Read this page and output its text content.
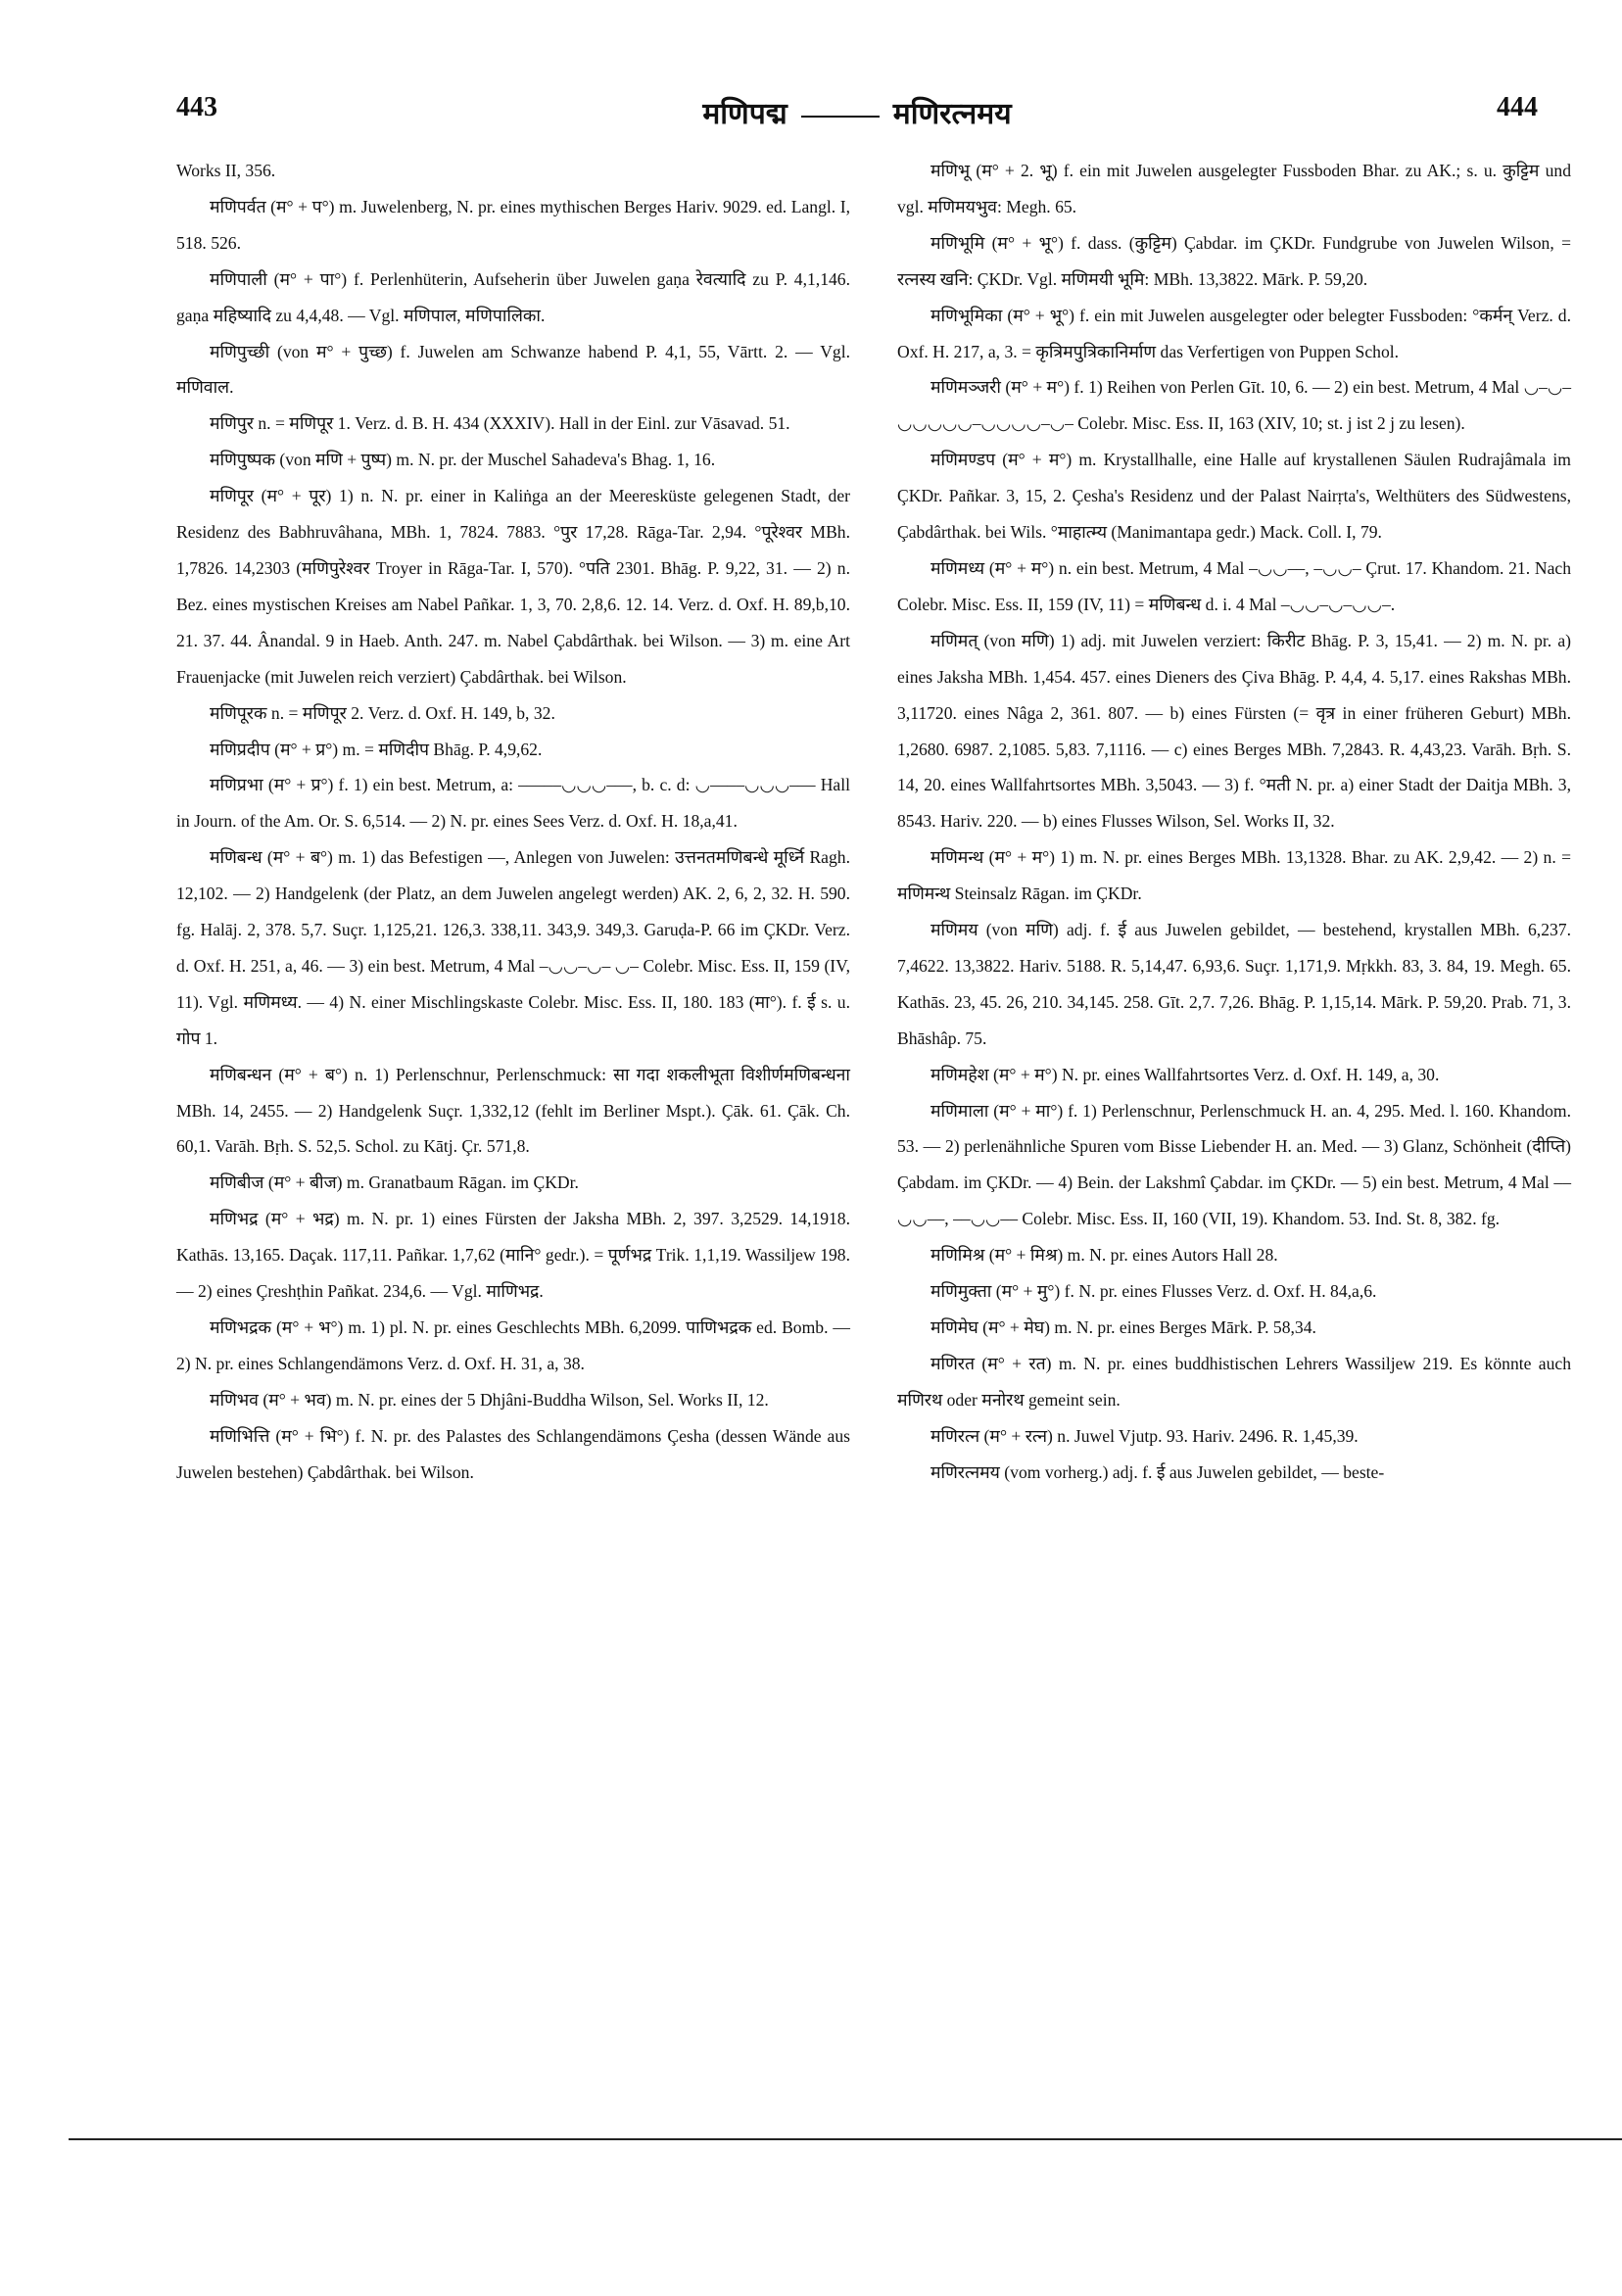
443	मणिपद्म	मणिरत्नमय	444

Works II, 356.

मणिपर्वत (म° + प°) m. Juwelenberg, N. pr. eines mythischen Berges Hariv. 9029. ed. Langl. I, 518. 526.

मणिपाली (म° + पा°) f. Perlenhüterin, Aufseherin über Juwelen gaṇa रेवत्यादि zu P. 4,1,146. gaṇa महिष्यादि zu 4,4,48. — Vgl. मणिपाल, मणिपालिका.

मणिपुच्छी (von म° + पुच्छ) f. Juwelen am Schwanze habend P. 4,1, 55, Vārtt. 2. — Vgl. मणिवाल.

मणिपुर n. = मणिपूर 1. Verz. d. B. H. 434 (XXXIV). Hall in der Einl. zur Vāsavad. 51.

मणिपुष्पक (von मणि + पुष्प) m. N. pr. der Muschel Sahadeva's Bhag. 1, 16.

मणिपूर (म° + पूर) 1) n. N. pr. einer in Kaliṅga an der Meeresküste gelegenen Stadt, der Residenz des Babhruvâhana, MBh. 1, 7824. 7883. °पुर 17,28. Rāga-Tar. 2,94. °पूरेश्वर MBh. 1,7826. 14,2303 (मणिपुरेश्वर Troyer in Rāga-Tar. I, 570). °पति 2301. Bhāg. P. 9,22, 31. — 2) n. Bez. eines mystischen Kreises am Nabel Pañkar. 1, 3, 70. 2,8,6. 12. 14. Verz. d. Oxf. H. 89,b,10. 21. 37. 44. Ânandal. 9 in Haeb. Anth. 247. m. Nabel Çabdârthak. bei Wilson. — 3) m. eine Art Frauenjacke (mit Juwelen reich verziert) Çabdârthak. bei Wilson.

मणिपूरक n. = मणिपूर 2. Verz. d. Oxf. H. 149, b, 32.

मणिप्रदीप (म° + प्र°) m. = मणिदीप Bhāg. P. 4,9,62.

मणिप्रभा (म° + प्र°) f. 1) ein best. Metrum, a: ‒‒‒‒‒◡◡◡‒‒‒, b. c. d: ◡‒‒‒‒◡◡◡‒‒‒ Hall in Journ. of the Am. Or. S. 6,514. — 2) N. pr. eines Sees Verz. d. Oxf. H. 18,a,41.

मणिबन्ध (म° + ब°) m. 1) das Befestigen —, Anlegen von Juwelen: उत्तनतमणिबन्धे मूर्ध्नि Ragh. 12,102. — 2) Handgelenk (der Platz, an dem Juwelen angelegt werden) AK. 2, 6, 2, 32. H. 590. fg. Halāj. 2, 378. 5,7. Suçr. 1,125,21. 126,3. 338,11. 343,9. 349,3. Garuḍa-P. 66 im ÇKDr. Verz. d. Oxf. H. 251, a, 46. — 3) ein best. Metrum, 4 Mal ‒◡◡‒◡‒ ◡‒ Colebr. Misc. Ess. II, 159 (IV, 11). Vgl. मणिमध्य. — 4) N. einer Mischlingskaste Colebr. Misc. Ess. II, 180. 183 (मा°). f. ई s. u. गोप 1.

मणिबन्धन (म° + ब°) n. 1) Perlenschnur, Perlenschmuck: सा गदा शकलीभूता विशीर्णमणिबन्धना MBh. 14, 2455. — 2) Handgelenk Suçr. 1,332,12 (fehlt im Berliner Mspt.). Çāk. 61. Çāk. Ch. 60,1. Varāh. Bṛh. S. 52,5. Schol. zu Kātj. Çr. 571,8.

मणिबीज (म° + बीज) m. Granatbaum Rāgan. im ÇKDr.

मणिभद्र (म° + भद्र) m. N. pr. 1) eines Fürsten der Jaksha MBh. 2, 397. 3,2529. 14,1918. Kathās. 13,165. Daçak. 117,11. Pañkar. 1,7,62 (मानि° gedr.). = पूर्णभद्र Trik. 1,1,19. Wassiljew 198. — 2) eines Çreshṭhin Pañkat. 234,6. — Vgl. माणिभद्र.

मणिभद्रक (म° + भ°) m. 1) pl. N. pr. eines Geschlechts MBh. 6,2099. पाणिभद्रक ed. Bomb. — 2) N. pr. eines Schlangendämons Verz. d. Oxf. H. 31, a, 38.

मणिभव (म° + भव) m. N. pr. eines der 5 Dhjâni-Buddha Wilson, Sel. Works II, 12.

मणिभित्ति (म° + भि°) f. N. pr. des Palastes des Schlangendämons Çesha (dessen Wände aus Juwelen bestehen) Çabdârthak. bei Wilson.

मणिभू (म° + 2. भू) f. ein mit Juwelen ausgelegter Fussboden Bhar. zu AK.; s. u. कुट्टिम und vgl. मणिमयभुव: Megh. 65.

मणिभूमि (म° + भू°) f. dass. (कुट्टिम) Çabdar. im ÇKDr. Fundgrube von Juwelen Wilson, = रत्नस्य खनि: ÇKDr. Vgl. मणिमयी भूमि: MBh. 13,3822. Mārk. P. 59,20.

मणिभूमिका (म° + भू°) f. ein mit Juwelen ausgelegter oder belegter Fussboden: °कर्मन् Verz. d. Oxf. H. 217, a, 3. = कृत्रिमपुत्रिकानिर्माण das Verfertigen von Puppen Schol.

मणिमञ्जरी (म° + म°) f. 1) Reihen von Perlen Gīt. 10, 6. — 2) ein best. Metrum, 4 Mal ◡‒◡‒◡◡◡◡◡‒◡◡◡◡‒◡‒ Colebr. Misc. Ess. II, 163 (XIV, 10; st. j ist 2 j zu lesen).

मणिमण्डप (म° + म°) m. Krystallhalle, eine Halle auf krystallenen Säulen Rudrajâmala im ÇKDr. Pañkar. 3, 15, 2. Çesha's Residenz und der Palast Nairṛta's, Welthüters des Südwestens, Çabdârthak. bei Wils. °माहात्म्य (Manimantapa gedr.) Mack. Coll. I, 79.

मणिमध्य (म° + म°) n. ein best. Metrum, 4 Mal ‒◡◡‒‒, ‒◡◡‒ Çrut. 17. Khandom. 21. Nach Colebr. Misc. Ess. II, 159 (IV, 11) = मणिबन्ध d. i. 4 Mal ‒◡◡‒◡‒◡◡‒.

मणिमत् (von मणि) 1) adj. mit Juwelen verziert: किरीट Bhāg. P. 3, 15,41. — 2) m. N. pr. a) eines Jaksha MBh. 1,454. 457. eines Dieners des Çiva Bhāg. P. 4,4, 4. 5,17. eines Rakshas MBh. 3,11720. eines Nâga 2, 361. 807. — b) eines Fürsten (= वृत्र in einer früheren Geburt) MBh. 1,2680. 6987. 2,1085. 5,83. 7,1116. — c) eines Berges MBh. 7,2843. R. 4,43,23. Varāh. Bṛh. S. 14, 20. eines Wallfahrtsortes MBh. 3,5043. — 3) f. °मती N. pr. a) einer Stadt der Daitja MBh. 3, 8543. Hariv. 220. — b) eines Flusses Wilson, Sel. Works II, 32.

मणिमन्थ (म° + म°) 1) m. N. pr. eines Berges MBh. 13,1328. Bhar. zu AK. 2,9,42. — 2) n. = मणिमन्थ Steinsalz Rāgan. im ÇKDr.

मणिमय (von मणि) adj. f. ई aus Juwelen gebildet, — bestehend, krystallen MBh. 6,237. 7,4622. 13,3822. Hariv. 5188. R. 5,14,47. 6,93,6. Suçr. 1,171,9. Mṛkkh. 83, 3. 84, 19. Megh. 65. Kathās. 23, 45. 26, 210. 34,145. 258. Gīt. 2,7. 7,26. Bhāg. P. 1,15,14. Mārk. P. 59,20. Prab. 71, 3. Bhāshâp. 75.

मणिमहेश (म° + म°) N. pr. eines Wallfahrtsortes Verz. d. Oxf. H. 149, a, 30.

मणिमाला (म° + मा°) f. 1) Perlenschnur, Perlenschmuck H. an. 4, 295. Med. l. 160. Khandom. 53. — 2) perlenähnliche Spuren vom Bisse Liebender H. an. Med. — 3) Glanz, Schönheit (दीप्ति) Çabdam. im ÇKDr. — 4) Bein. der Lakshmî Çabdar. im ÇKDr. — 5) ein best. Metrum, 4 Mal ‒‒◡◡‒‒, ‒‒◡◡‒‒ Colebr. Misc. Ess. II, 160 (VII, 19). Khandom. 53. Ind. St. 8, 382. fg.

मणिमिश्र (म° + मिश्र) m. N. pr. eines Autors Hall 28.

मणिमुक्ता (म° + मु°) f. N. pr. eines Flusses Verz. d. Oxf. H. 84,a,6.

मणिमेघ (म° + मेघ) m. N. pr. eines Berges Mārk. P. 58,34.

मणिरत (म° + रत) m. N. pr. eines buddhistischen Lehrers Wassiljew 219. Es könnte auch मणिरथ oder मनोरथ gemeint sein.

मणिरत्न (म° + रत्न) n. Juwel Vjutp. 93. Hariv. 2496. R. 1,45,39.

मणिरत्नमय (vom vorherg.) adj. f. ई aus Juwelen gebildet, — beste-
